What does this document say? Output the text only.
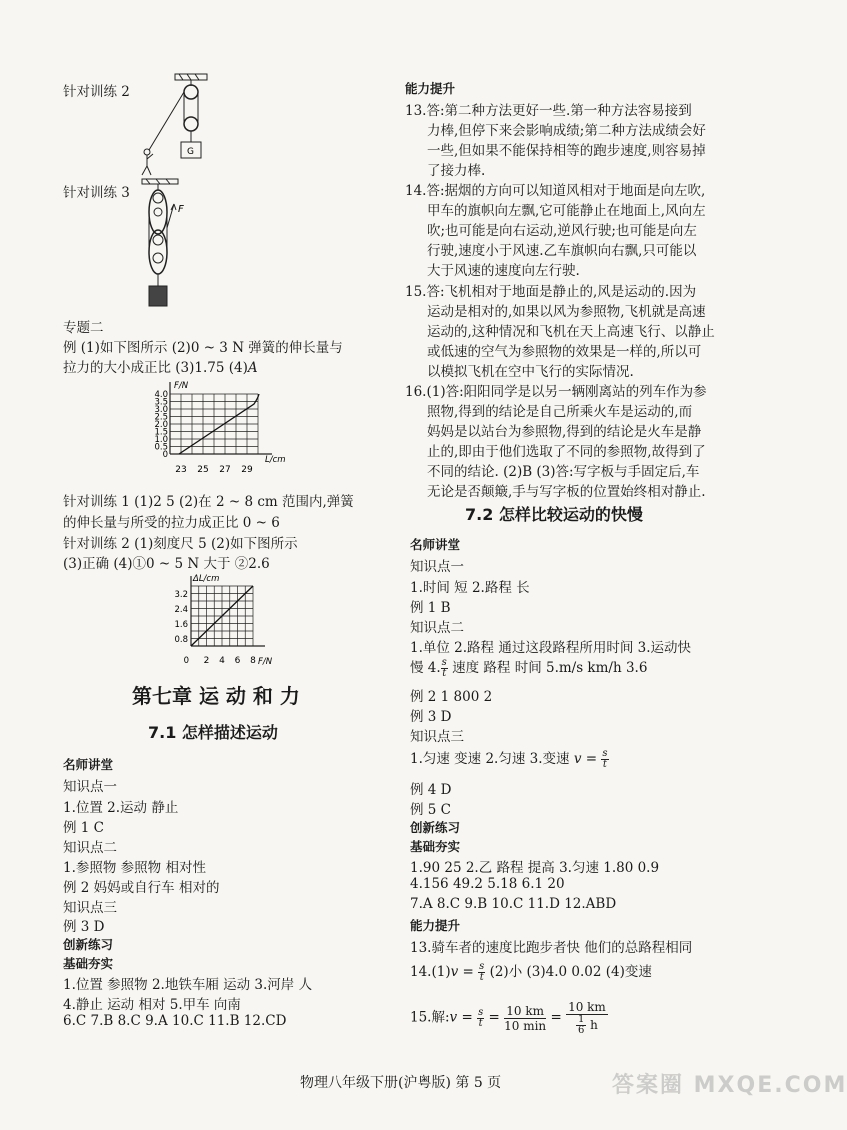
针对训练 2
G
针对训练 3
F
专题二
例 (1)如下图所示 (2)0 ~ 3 N 弹簧的伸长量与
拉力的大小成正比 (3)1.75 (4)A
F/N
L/cm
4.0
3.5
3.0
2.5
2.0
1.5
1.0
0.5
0
23 25 27 29
针对训练 1 (1)2 5 (2)在 2 ~ 8 cm 范围内,弹簧
的伸长量与所受的拉力成正比 0 ~ 6
针对训练 2 (1)刻度尺 5 (2)如下图所示
(3)正确 (4)①0 ~ 5 N 大于 ②2.6
ΔL/cm
F/N
3.2
2.4
1.6
0.8
0 2 4 6 8
第七章 运 动 和 力
7.1 怎样描述运动
名师讲堂
知识点一
1.位置 2.运动 静止
例 1 C
知识点二
1.参照物 参照物 相对性
例 2 妈妈或自行车 相对的
知识点三
例 3 D
创新练习
基础夯实
1.位置 参照物 2.地铁车厢 运动 3.河岸 人
4.静止 运动 相对 5.甲车 向南
6.C 7.B 8.C 9.A 10.C 11.B 12.CD
能力提升
13.答:第二种方法更好一些.第一种方法容易接到
力棒,但停下来会影响成绩;第二种方法成绩会好
一些,但如果不能保持相等的跑步速度,则容易掉
了接力棒.
14.答:据烟的方向可以知道风相对于地面是向左吹,
甲车的旗帜向左飘,它可能静止在地面上,风向左
吹;也可能是向右运动,逆风行驶;也可能是向左
行驶,速度小于风速.乙车旗帜向右飘,只可能以
大于风速的速度向左行驶.
15.答:飞机相对于地面是静止的,风是运动的.因为
运动是相对的,如果以风为参照物,飞机就是高速
运动的,这种情况和飞机在天上高速飞行、以静止
或低速的空气为参照物的效果是一样的,所以可
以模拟飞机在空中飞行的实际情况.
16.(1)答:阳阳同学是以另一辆刚离站的列车作为参
照物,得到的结论是自己所乘火车是运动的,而
妈妈是以站台为参照物,得到的结论是火车是静
止的,即由于他们选取了不同的参照物,故得到了
不同的结论. (2)B (3)答:写字板与手固定后,车
无论是否颠簸,手与写字板的位置始终相对静止.
7.2 怎样比较运动的快慢
名师讲堂
知识点一
1.时间 短 2.路程 长
例 1 B
知识点二
1.单位 2.路程 通过这段路程所用时间 3.运动快
慢 4. $\frac{s}{t}$ 速度 路程 时间 5.m/s km/h 3.6
例 2 1 800 2
例 3 D
知识点三
1.匀速 变速 2.匀速 3.变速 $v = \frac{s}{t}$
例 4 D
例 5 C
创新练习
基础夯实
1.90 25 2.乙 路程 提高 3.匀速 1.80 0.9
4.156 49.2 5.18 6.1 20
7.A 8.C 9.B 10.C 11.D 12.ABD
能力提升
13.骑车者的速度比跑步者快 他们的总路程相同
$14.(1)v = \frac{s}{t} (2)$小 (3)4.0 0.02 (4)变速
15.解:v = $\frac{s}{t} = \frac{10 km}{10 \min} = \frac{10 km}{\frac{1}{6} h}$
物理八年级下册(沪粤版) 第 5 页	答案圈 MXQE.COM
